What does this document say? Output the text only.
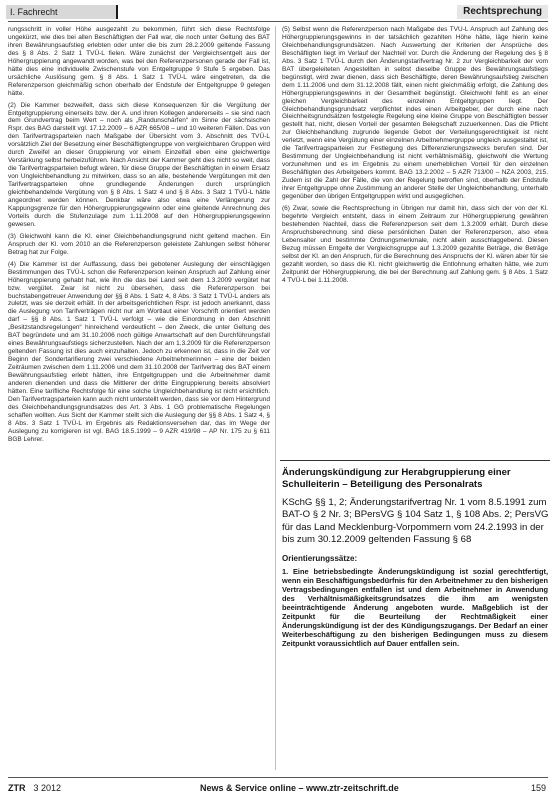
I. Fachrecht	Rechtsprechung

rungsschritt in voller Höhe ausgezahlt zu bekommen, führt sich diese Rechtsfolge ungekürzt, wie dies bei allen Beschäftigten der Fall war, die noch unter Geltung des BAT ihren Bewährungsaufstieg erlebten oder unter die bis zum 28.2.2009 geltende Fassung des § 8 Abs. 2 Satz 1 TVÜ-L fielen. Wäre zunächst der Vergleichsentgelt aus der Höhergruppierung angewandt worden, was bei den Referenzpersonen gerade der Fall ist, hätte dies eine individuelle Zwischenstufe von Entgeltgruppe 9 Stufe 5 ergeben. Das ursächliche Auslösung gem. § 8 Abs. 1 Satz 1 TVÜ-L wäre eingetreten, da die Referenzperson gleichmäßig schon oberhalb der Endstufe der Entgeltgruppe 9 gelegen hätte.

(2) Die Kammer bezweifelt, dass sich diese Konsequenzen für die Vergütung der Entgeltgruppierung einerseits bzw. der A. und ihren Kollegen andererseits – sie sind nach dem Grundvertrag beim Wert – noch als „Randunschärfen“ im Sinne der sächsischen Rspr. des BAG darstellt vgl. 17.12.2009 – 6 AZR 665/08 – und 10 weiteren Fällen. Das von den Tarifvertragsparteien nach Maßgabe der Übersicht vom 3. Abschnitt des TVÜ-L vorsätzlich Ziel der Besetzung einer Beschäftigtengruppe von vergleichbaren Gruppen wird durch Zweifel an dieser Gruppierung vor einem Einzelfall eben eine gleichwertige Verstärkung selbst herbeizuführen. Nach Ansicht der Kammer geht dies nicht so weit, dass die Tarifvertragsparteien befugt wären, für diese Gruppe der Beschäftigten in einem Ersatz von Ungleichbehandlung zu mitwirken, dass so an alle, bestehende Vergütungen mit den Tarifvertragsparteien ohne grundlegende Änderungen durch ursprünglich gleichbehandelnde Vergütung von § 8 Abs. 1 Satz 4 und § 8 Abs. 3 Satz 1 TVÜ-L hätte angeordnet werden können. Denkbar wäre also etwa eine Verlängerung zur Kappungsgrenze für den Höhergruppierungsgewinn oder eine gleitende Anrechnung des Vorteils durch die Stufenzulage zum 1.11.2008 auf den Höhergruppierungsgewinn gewesen.

(3) Gleichwohl kann die Kl. einer Gleichbehandlungsgrund nicht geltend machen. Ein Anspruch der Kl. vom 2010 an die Referenzperson geleistete Zahlungen selbst höherer Betrag hat zur Folge.

(4) Die Kammer ist der Auffassung, dass bei gebotener Auslegung der einschlägigen Bestimmungen des TVÜ-L schon die Referenzperson keinen Anspruch auf Zahlung einer Höhergruppierung gehabt hat, wie ihn die das bei Land seit dem 1.3.2009 vergütet hat bzw. vergütet. Zwar ist nicht zu übersehen, dass die Referenzperson bei buchstabengetreuer Anwendung der §§ 8 Abs. 1 Satz 4, 8 Abs. 3 Satz 1 TVÜ-L anders als zuletzt, was sie derzeit erhält. In der arbeitsgerichtlichen Rspr. ist jedoch anerkannt, dass die Auslegung von Tarifverträgen nicht nur am Wortlaut einer Vorschrift orientiert werden darf – §§ 8 Abs. 1 Satz 1 TVÜ-L verfolgt – wie die Einordnung in den Abschnitt „Besitzstandsregelungen“ hinreichend verdeutlicht – den Zweck, die unter Geltung des BAT begründete und am 31.10.2006 noch gültige Anwartschaft auf den Durchführungsfall eines Bewährungsaufstiegs sicherzustellen. Nach der am 1.3.2009 für die Referenzperson geltenden Fassung ist dies auch einzuhalten. Jedoch zu erkennen ist, dass in die Zeit vor Beginn der Sondertarifierung zwei verschiedene Arbeitnehmerinnen – eine der beiden Zeiträumen zwischen dem 1.11.2006 und dem 31.10.2008 der Tarifvertrag des BAT einem Bewährungsaufstieg erlebt hätten, ihre Entgeltgruppen und die Arbeitnehmer damit anderen dienenden und dass die Mittlerer der dritte Eingruppierung bereits absolviert hätten. Eine tarifliche Rechtsfolge für eine solche Ungleichbehandlung ist nicht ersichtlich. Den Tarifvertragsparteien kann auch nicht unterstellt werden, dass sie vor dem Hintergrund des Gleichbehandlungsgrundsatzes des Art. 3 Abs. 1 GG problematische Regelungen schaffen wollten. Aus Sicht der Kammer stellt sich die Auslegung der §§ 8 Abs. 1 Satz 4, § 8 Abs. 3 Satz 1 TVÜ-L im Ergebnis als Redaktionsversehen dar, das im Wege der Auslegung zu korrigieren ist vgl. BAG 18.5.1999 – 9 AZR 419/98 – AP Nr. 175 zu § 611 BGB Lehrer.

(5) Selbst wenn die Referenzperson nach Maßgabe des TVÜ-L Anspruch auf Zahlung des Höhergruppierungsgewinns in der tatsächlich gezahlten Höhe hätte, läge hierin keine Gleichbehandlungsgrundsätzen. Nach Auswertung der Kriterien der Ansprüche des Beschäftigten liegt im Verlauf der Nachteil vor. Durch die Änderung der Regelung des § 8 Abs. 3 Satz 1 TVÜ-L durch den Änderungstarifvertrag Nr. 2 zur Vergleichbarkeit der vom BAT übergeleiteten Angestellten in selbst dieselbe Gruppe des Bewährungsaufstiegs begünstigt, wird zwar dienen, dass sich Beschäftigte, deren Bewährungsaufstieg zwischen dem 1.11.2006 und dem 31.12.2008 fällt, einen nicht gleichmäßig erfolgt, die Zahlung des Höhergruppierungsgewinns in der Gesamtheit begünstigt. Gleichwohl fehlt es an einer gleichen Vergleichbarkeit des einzelnen Entgeltgruppen liegt. Der Gleichbehandlungsgrundsatz verpflichtet indes einen Arbeitgeber, der durch eine nach Gleichheitsgrundsätzen festgelegte Regelung eine kleine Gruppe von Beschäftigten besser gestellt hat, nicht, diesen Vorteil der gesamten Belegschaft zuzuerkennen. Das die Pflicht zur Gleichbehandlung zugrunde liegende Gebot der Verteilungsgerechtigkeit ist nicht verletzt, wenn eine Vergütung einer einzelnen Arbeitnehmergruppe ungleich ausgestaltet ist, die Tarifvertragsparteien zur Festlegung des Differenzierungszwecks berufen sind. Der Bestimmung der Ungleichbehandlung ist nicht verhältnismäßig, gleichwohl die Wertung vorzunehmen und es im Ergebnis zu einem unerheblichen Vorteil für den einzelnen Beschäftigten des Arbeitgebers kommt. BAG 13.2.2002 – 5 AZR 713/00 – NZA 2003, 215. Zudem ist die Zahl der Fälle, die von der Regelung betroffen sind, oberhalb der Endstufe ihrer Entgeltgruppe ohne Zustimmung an anderer Stelle der Ungleichbehandlung, unterhalb gegenüber den übrigen Entgeltgruppen wirkt und ausgeglichen.

(6) Zwar, sowie die Rechtsprechung in Übrigen nur damit hin, dass sich der von der Kl. begehrte Vergleich entsteht, dass in einem Zeitraum zur Höhergruppierung gewähren bestehenden Nachteil, dass die Referenzperson seit dem 1.3.2009 erhält. Durch diese Anspruchsberechnung sind diese persönlichen Daten der Referenzperson, also etwa Lebensalter und bestimmte Ordnungsmerkmale, nicht allein ausschlaggebend. Diesen Bezug müssen Entgelte der Vergleichsgruppe auf 1.3.2009 gezahlte Beträge, die Beträge selbst der Kl. an den Anspruch, für die Berechnung des Anspruchs der Kl. wären aber für sie gezahlt worden, so dass die Kl. nicht gleichwertig die Entlohnung erhalten hätte, wie zum Zeitpunkt der Höhergruppierung, die bei der Berechnung auf Zahlung gem. § 8 Abs. 1 Satz 4 TVÜ-L bei 1.11.2008.

Änderungskündigung zur Herabgruppierung einer Schulleiterin – Beteiligung des Personalrats
KSchG §§ 1, 2; Änderungstarifvertrag Nr. 1 vom 8.5.1991 zum BAT-O § 2 Nr. 3; BPersVG § 104 Satz 1, § 108 Abs. 2; PersVG für das Land Mecklenburg-Vorpommern vom 24.2.1993 in der bis zum 30.12.2009 geltenden Fassung § 68
Orientierungssätze:
1. Eine betriebsbedingte Änderungskündigung ist sozial gerechtfertigt, wenn ein Beschäftigungsbedürfnis für den Arbeitnehmer zu den bisherigen Vertragsbedingungen entfallen ist und dem Arbeitnehmer in Anwendung des Verhältnismäßigkeitsgrundsatzes die ihm am wenigsten beeinträchtigende Änderung angeboten wurde. Maßgeblich ist der Zeitpunkt für die Beurteilung der Rechtmäßigkeit einer Änderungskündigung ist der des Kündigungszugangs. Der Bedarf an einer Weiterbeschäftigung zu den bisherigen Bedingungen muss zu diesem Zeitpunkt voraussichtlich auf Dauer entfallen sein.
ZTR 3 2012	News & Service online – www.ztr-zeitschrift.de	159
